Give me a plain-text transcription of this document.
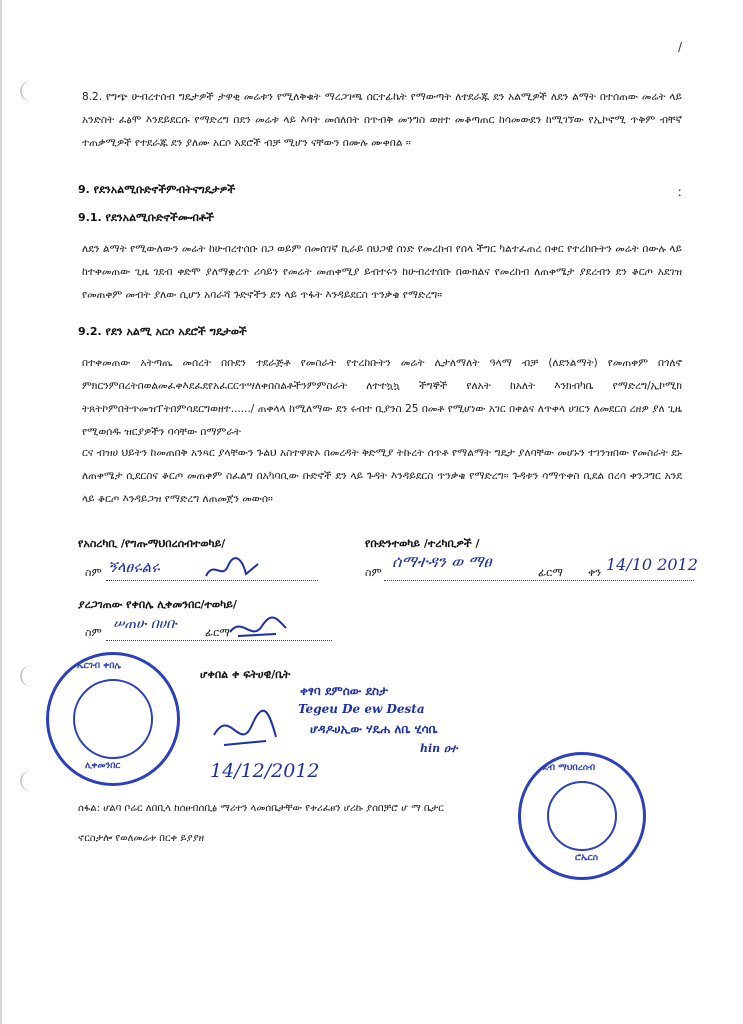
/
ː
8.2. የግጭ ሁብረተሰብ ግዴታዎች ታዋቂ መሬቱን የሚለቅቁት ማረጋገጫ ሰርተፊኬት የማውጣት ለተደራጁ ደን አልሚዎች ለደን ልማት በተሰጠው መሬት ላይ አንድስት ፈፅሞ እንደይደርሱ የማድረግ በደን መሬቱ ላይ እባት መሰለበት በጥብቅ መንግስ ወዘተ መቆጣጠር ከሳመውደን ከሚገኘው የኢኮኖሚ ጥቅም ብቸኛ ተጠቃሚዎች የተደራጁ ደን ያለሙ አርሶ አደሮች ብቻ ሚሆን ናቸውን በሙሉ ሙቀበል ።
9. የደንአልሚቡድኖችምብትናግዴታዎች
9.1. የደንአልሚቡድኖችሙብቶች
ለደን ልማት የሚውለውን መሬት ከሁብረተሰቡ በጋ ወይም በመሰገኛ ኪራይ በህጋዊ ሰነድ የመረከብ የሰላ ችግር ካልተፈጠረ በቀር የተረከቡትን መሬት በውሉ ላይ ከተቀመጠው ጊዜ ገደብ ቀድሞ ያለማቋረጥ ሪሳይን የመሬት መጠቀሚያ ይብተሩን ከሁብረተሰቡ በውክልና የመረከብ ለጠቀሜታ ያደረብን ደን ቆርጦ አደገዝ የመጠቀም መብት ያለው ሲሆን አባራሻ ጉድኖችን ደን ላይ ጥፋት እንዳይደርስ ጥንቃቄ የማድረግ።
9.2. የደን አልሚ አርሶ አደሮች ግዴታወች
በተቀመጠው አትጣጤ መሰረት በቡደን ተደራጅቶ የመስራት የተረከቡትን መሬት ሊታለማለት ዓላማ ብቻ (ለደንልማት) የመጠቀም በጎለኖ ምክርንምበረትበወልመፈቀእደፈደየአፈርርጥሣለቀበስልቶችንምምስራት ለተተኳኳ ችግኞች የለአት ከአለት እንክብካቤ የማድረግ/ኢኮሚክ ትጸትኮምበትጥመዝፐትበምሳደርግወዘተ....../ ጠቀላላ ከሚለማው ደን ሩብተ ቢያንስ 25 በመቶ የሚሆነው አገር በቀልና ለጥቀላ ሀገርን ለመደርስ ረዘዎ ያለ ጊዜ የሚወሰዱ ዝርያዎችን ባሳቸው በማምራት
ርና ብዝሀ ህይትን ከመጠበቅ አንጻር ያላቸውን ጉልህ አስተዋጽኦ በመረዳት ቅድሚያ ትኩረት ሰጥቶ የማልማት ግዴታ ያለባቸው መሆኑን ተገንዝበው የመስራት ደኑ ለጠቀሜታ ሲደርስና ቆርጦ መጠቀም ስፈልግ በአካባቢው ቡድኖች ደን ላይ ጉዳት እንዳይደርስ ጥንቃቄ የማድረግ። ጉዳቱን ሳማጥቀስ ቢደል በረሳ ቀንጋግር አንደ ላይ ቆርጦ እንዳይጋዝ የማድረግ ለጠመጀን መውሰ።
የአስረካቢ /የግጡማህበረሰብተወካይ/	የቡድንተወካይ /ተረካቢዎች /
ስም ኝላፀሩልሩ	ስም	ፊርማ ቀን
ሰማተዳን ወ ማፀ	14/10 2012
ያረጋገጠው የቀበሌ ሊቀመንበር/ተወካይ/
ስም	ፊርማ
ሠጠሁ በሀቡ
ሆቀበል ቀ ፍትሀዊ/ቤት
ኤርገብ ቀበሌ
ሊቀመንበር	14/12/2012
ቀፃባ ደምሰው ደስታ
Tegeu De ew Desta
ሆዳዶሀኢው ሃዴሐ ለቤ ሂሳቤ
hin ዐተ
ደብ ማህበረሰብ
ሮኤርስ
ሰፋል: ሆልባ ቦሬር ለበቢላ ከሰፀብሰቢፅ ማሪተን ላመሰቤታቸው የቱሪፈፀን ሆሪኩ ያሰበቻሮ ሆ ማ ቤታር
ኖርስታሎ የወለመሬቱ በርቀ ይያያዘ
